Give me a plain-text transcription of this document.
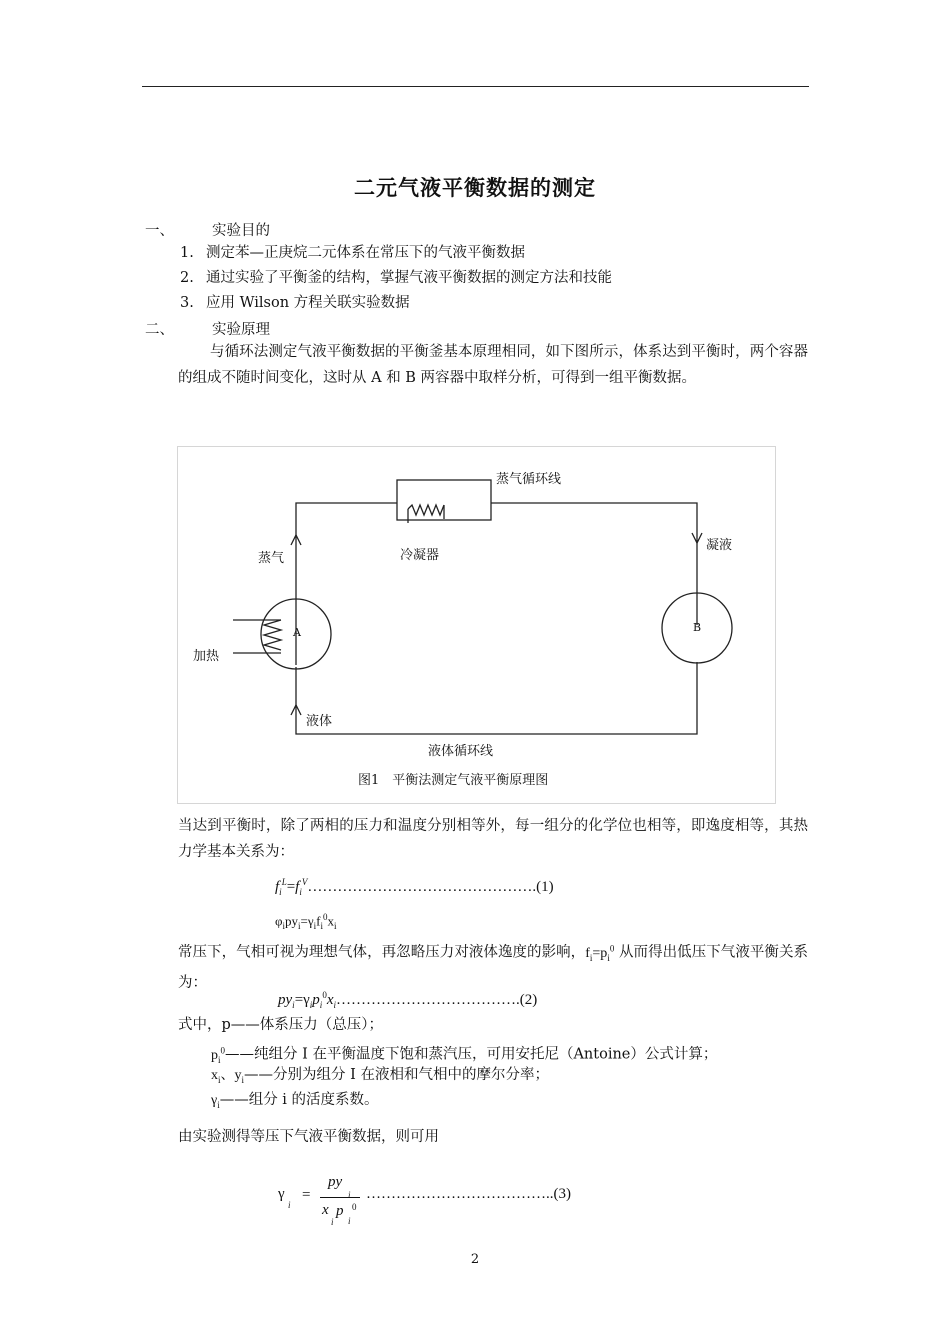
二元气液平衡数据的测定
一、	实验目的
1. 测定苯—正庚烷二元体系在常压下的气液平衡数据
2. 通过实验了平衡釜的结构，掌握气液平衡数据的测定方法和技能
3. 应用 Wilson 方程关联实验数据
二、	实验原理
与循环法测定气液平衡数据的平衡釜基本原理相同，如下图所示，体系达到平衡时，两个容器的组成不随时间变化，这时从 A 和 B 两容器中取样分析，可得到一组平衡数据。
蒸气循环线
冷凝器
凝液
蒸气
加热
A	B
液体
液体循环线
图1　平衡法测定气液平衡原理图
当达到平衡时，除了两相的压力和温度分别相等外，每一组分的化学位也相等，即逸度相等，其热力学基本关系为：
$f_i^L=f_i^V\dots\dots\dots\dots\dots\dots\dots\dots\dots\dots\dots\dots\dots\dots\dots.(1)$
$\varphi_ipy_i=\gamma_if_i^0x_i$
常压下，气相可视为理想气体，再忽略压力对液体逸度的影响，$f_i=p_i^0$ 从而得出低压下气液平衡关系为：
$py_i=\gamma_ip_i^0x_i\dots\dots\dots\dots\dots\dots\dots\dots\dots\dots\dots\dots.(2)$
式中，p——体系压力（总压）；
$p_i^0——$纯组分 I 在平衡温度下饱和蒸汽压，可用安托尼（Antoine）公式计算；
$x_i$、$y_i——$分别为组分 I 在液相和气相中的摩尔分率；
$\gamma_i——$组分 i 的活度系数。
由实验测得等压下气液平衡数据，则可用
γ
i
=
py
i
x
i
p
i
0
………………………………..(3)
2
